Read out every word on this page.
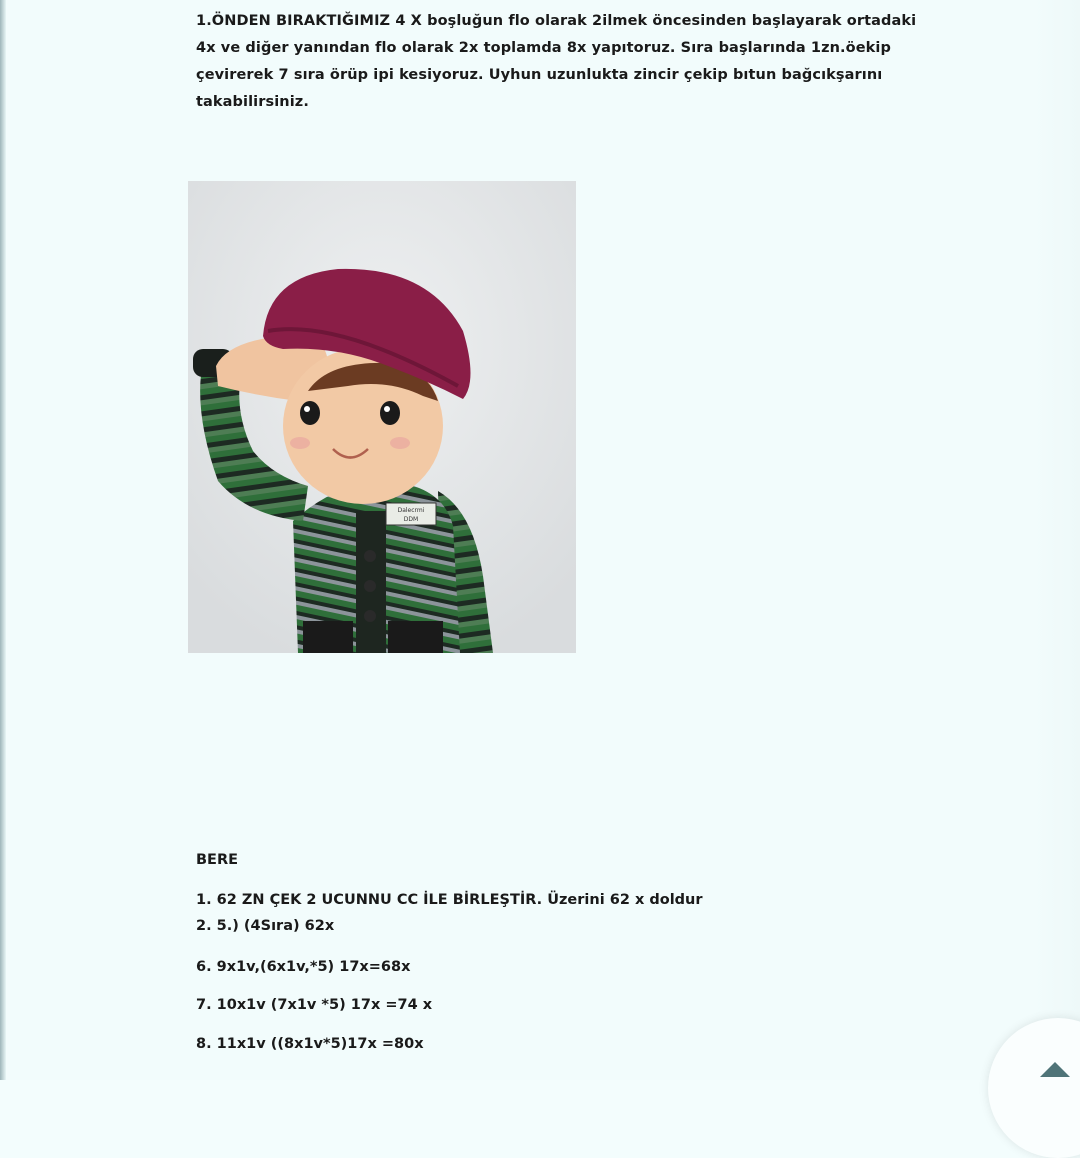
1.ÖNDEN BIRAKTIĞIMIZ 4 X boşluğun flo olarak 2ilmek öncesinden başlayarak ortadaki
4x ve diğer yanından flo olarak 2x toplamda 8x yapıtoruz. Sıra başlarında 1zn.öekip
çevirerek 7 sıra örüp ipi kesiyoruz. Uyhun uzunlukta zincir çekip bıtun bağcıkşarını
takabilirsiniz.

Dalecrmi
DDM
BERE
1. 62 ZN ÇEK 2 UCUNNU CC İLE BİRLEŞTİR. Üzerini 62 x doldur
2. 5.) (4Sıra) 62x
6. 9x1v,(6x1v,*5) 17x=68x
7. 10x1v (7x1v *5) 17x =74 x
8. 11x1v ((8x1v*5)17x =80x
